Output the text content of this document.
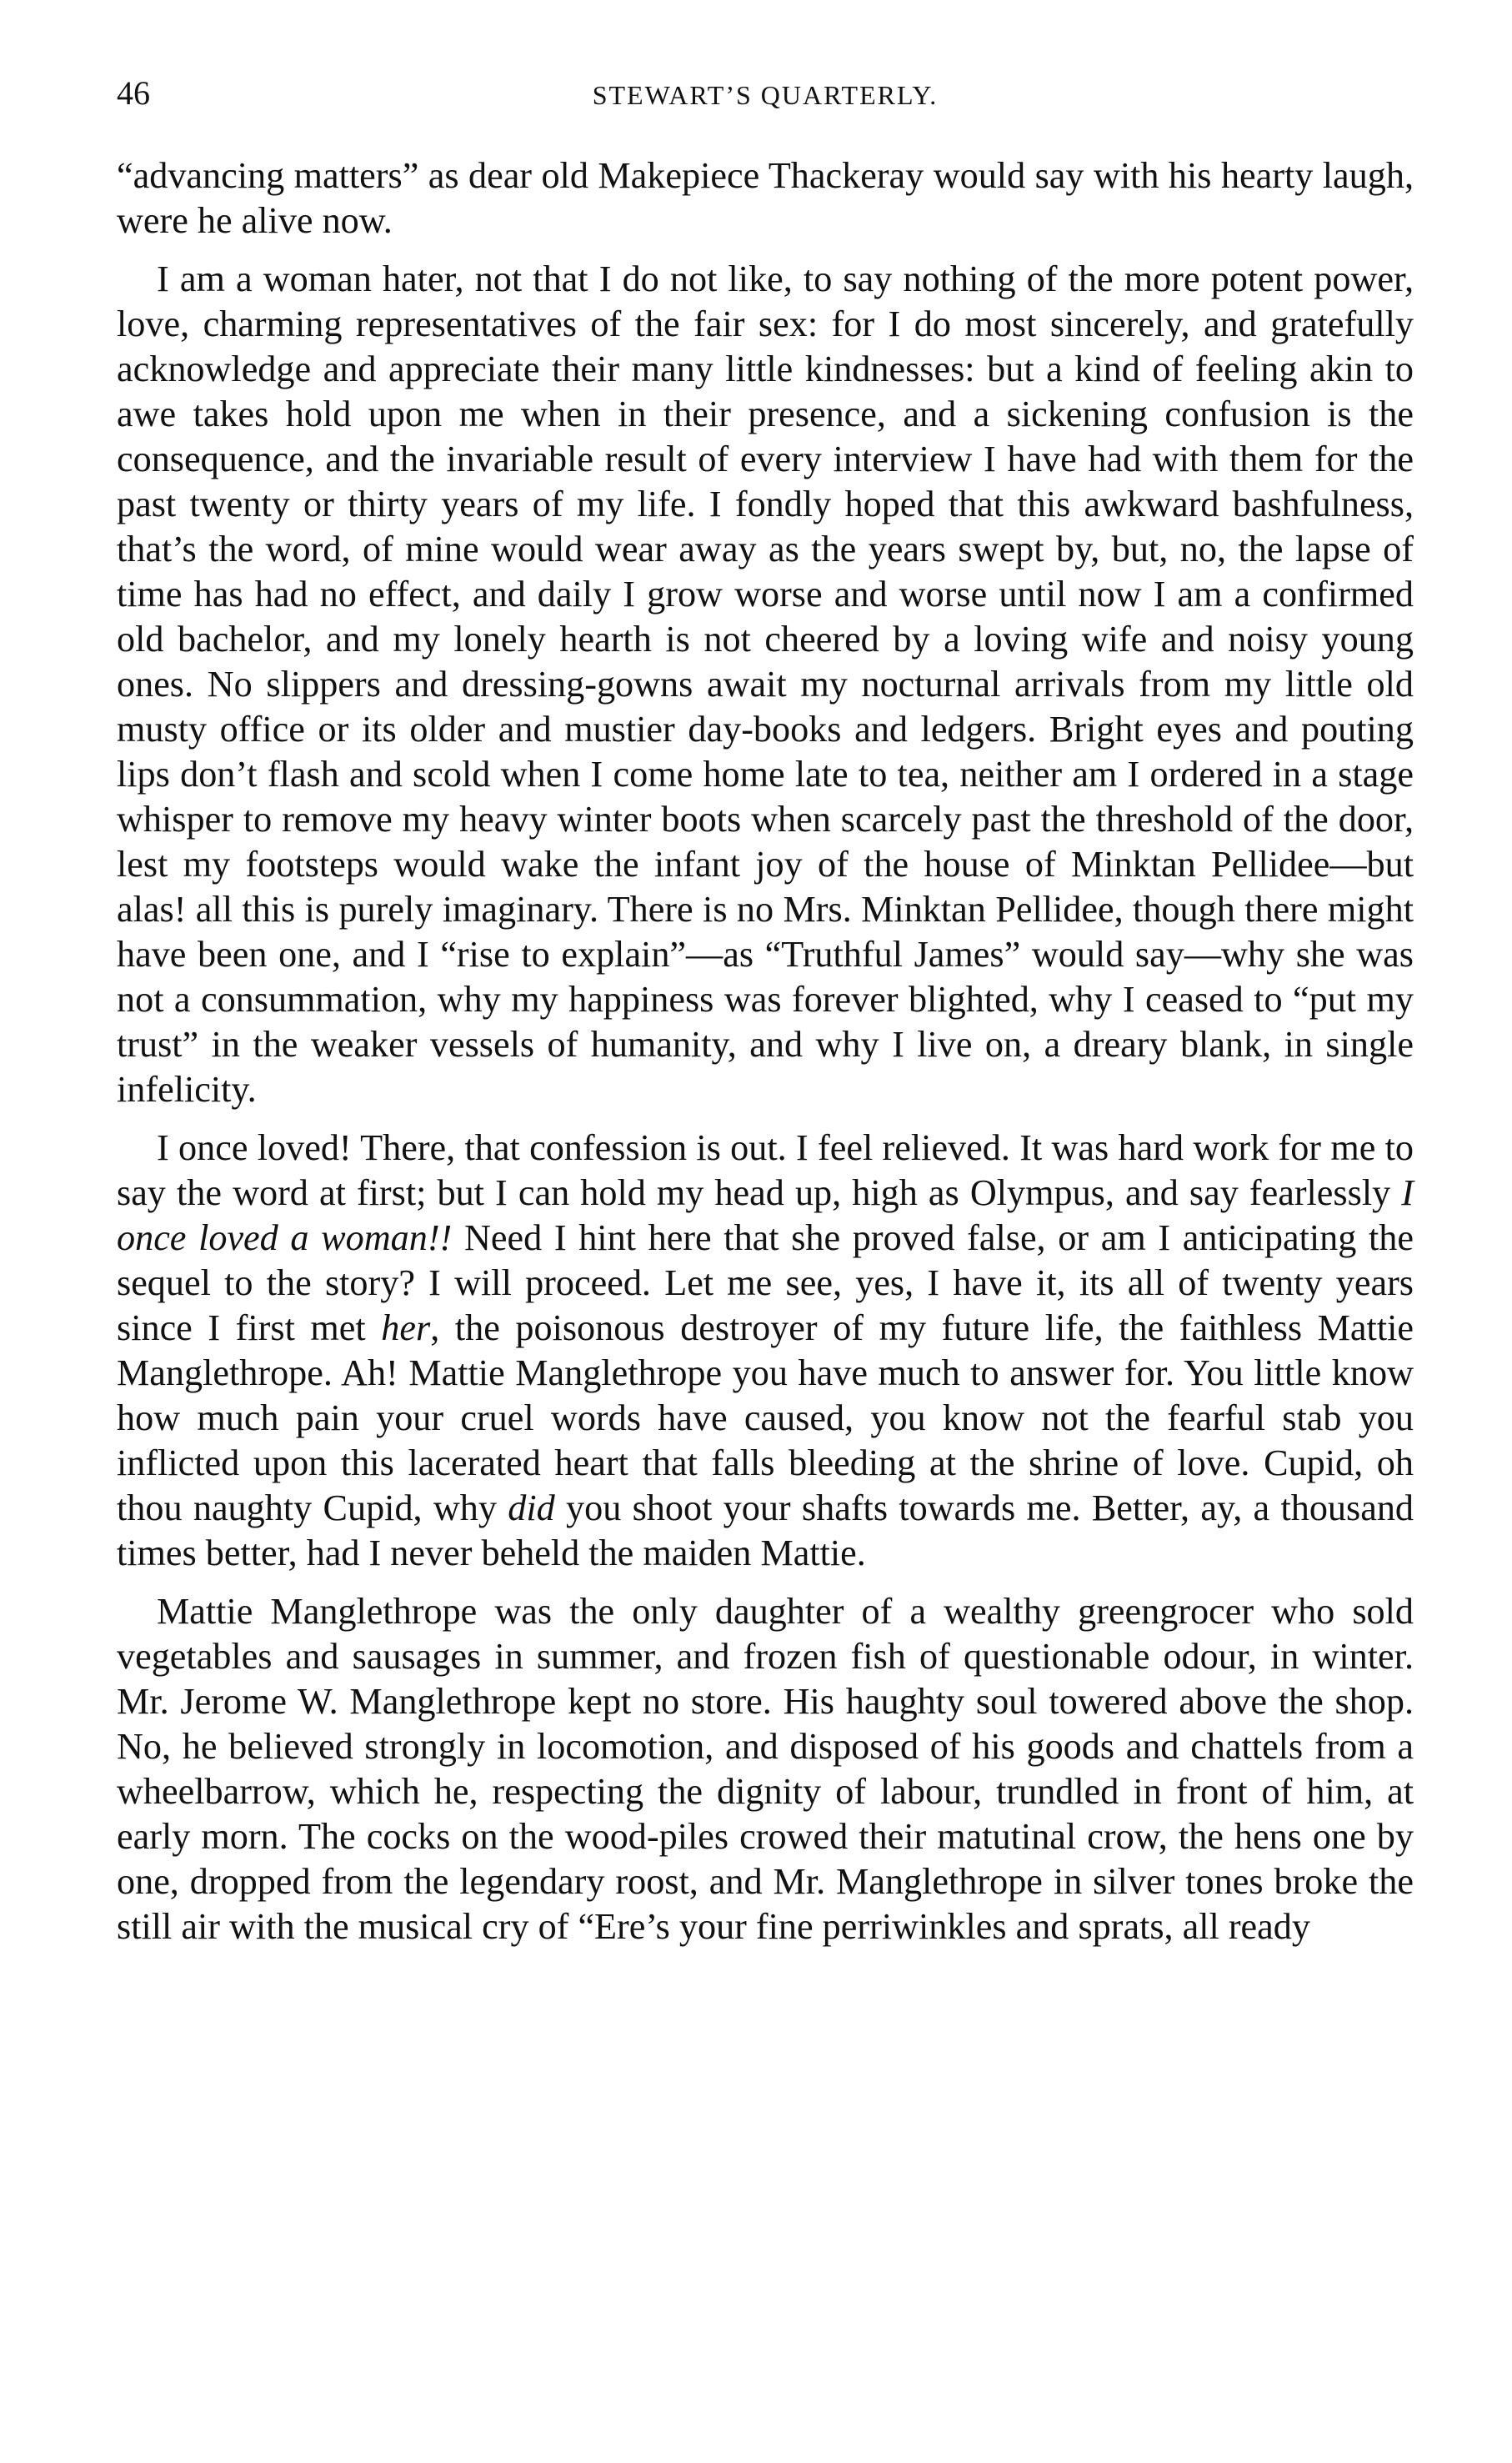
46	STEWART’S QUARTERLY.

“advancing matters” as dear old Makepiece Thackeray would say with his hearty laugh, were he alive now.

I am a woman hater, not that I do not like, to say nothing of the more potent power, love, charming representatives of the fair sex: for I do most sincerely, and gratefully acknowledge and appreciate their many little kindnesses: but a kind of feeling akin to awe takes hold upon me when in their presence, and a sickening confusion is the consequence, and the invariable result of every interview I have had with them for the past twenty or thirty years of my life. I fondly hoped that this awkward bashfulness, that’s the word, of mine would wear away as the years swept by, but, no, the lapse of time has had no effect, and daily I grow worse and worse until now I am a confirmed old bachelor, and my lonely hearth is not cheered by a loving wife and noisy young ones. No slippers and dressing-gowns await my nocturnal arrivals from my little old musty office or its older and mustier day-books and ledgers. Bright eyes and pouting lips don’t flash and scold when I come home late to tea, neither am I ordered in a stage whisper to remove my heavy winter boots when scarcely past the threshold of the door, lest my footsteps would wake the infant joy of the house of Minktan Pellidee—but alas! all this is purely imaginary. There is no Mrs. Minktan Pellidee, though there might have been one, and I “rise to explain”—as “Truthful James” would say—why she was not a consummation, why my happiness was forever blighted, why I ceased to “put my trust” in the weaker vessels of humanity, and why I live on, a dreary blank, in single infelicity.

I once loved! There, that confession is out. I feel relieved. It was hard work for me to say the word at first; but I can hold my head up, high as Olympus, and say fearlessly I once loved a woman!! Need I hint here that she proved false, or am I anticipating the sequel to the story? I will proceed. Let me see, yes, I have it, its all of twenty years since I first met her, the poisonous destroyer of my future life, the faithless Mattie Manglethrope. Ah! Mattie Manglethrope you have much to answer for. You little know how much pain your cruel words have caused, you know not the fearful stab you inflicted upon this lacerated heart that falls bleeding at the shrine of love. Cupid, oh thou naughty Cupid, why did you shoot your shafts towards me. Better, ay, a thousand times better, had I never beheld the maiden Mattie.

Mattie Manglethrope was the only daughter of a wealthy greengrocer who sold vegetables and sausages in summer, and frozen fish of questionable odour, in winter. Mr. Jerome W. Manglethrope kept no store. His haughty soul towered above the shop. No, he believed strongly in locomotion, and disposed of his goods and chattels from a wheelbarrow, which he, respecting the dignity of labour, trundled in front of him, at early morn. The cocks on the wood-piles crowed their matutinal crow, the hens one by one, dropped from the legendary roost, and Mr. Manglethrope in silver tones broke the still air with the musical cry of “Ere’s your fine perriwinkles and sprats, all ready
